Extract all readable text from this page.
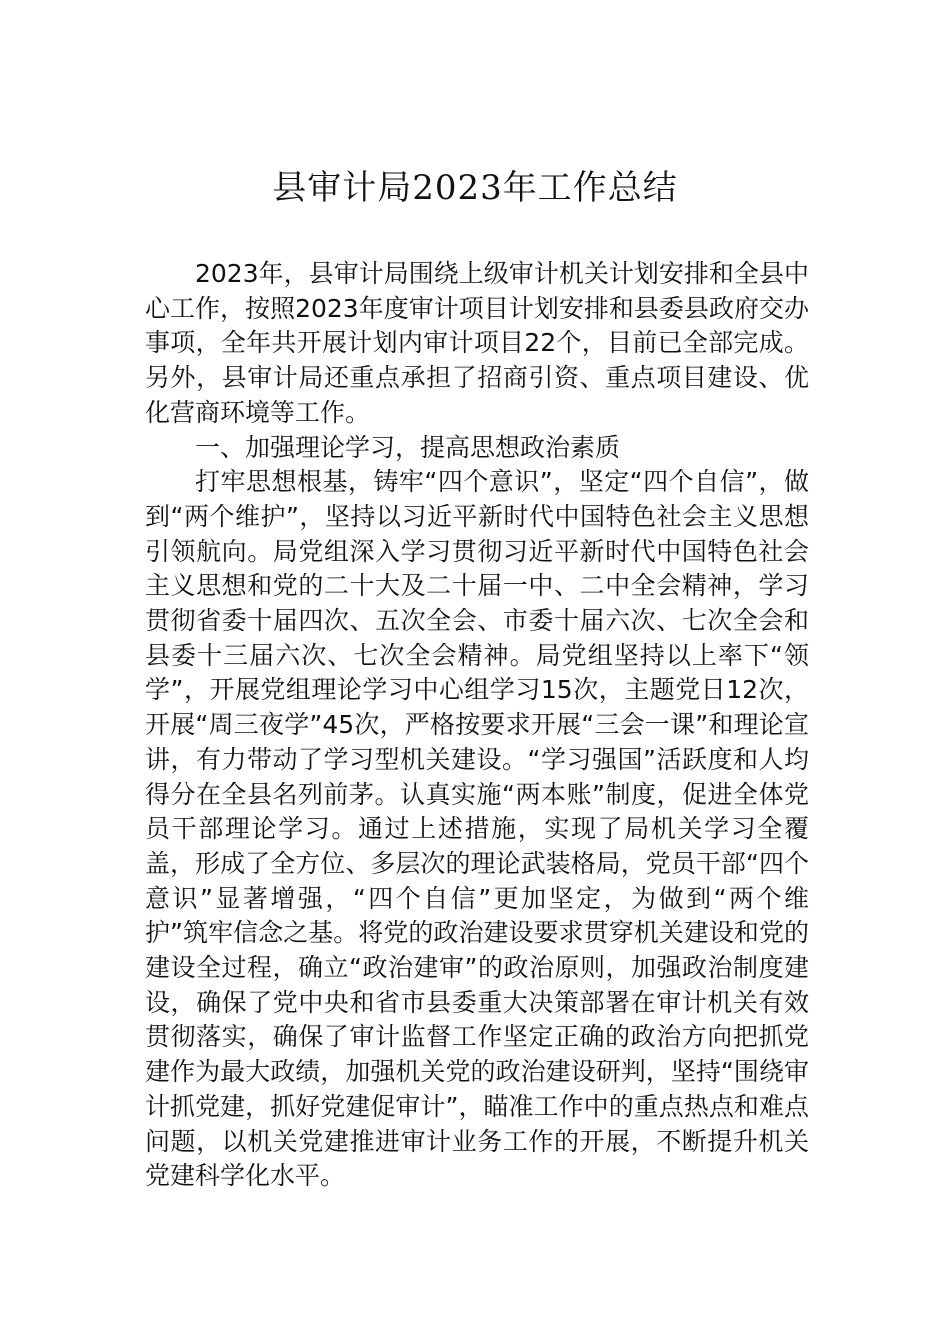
县审计局2023年工作总结

2023年，县审计局围绕上级审计机关计划安排和全县中心工作，按照2023年度审计项目计划安排和县委县政府交办事项，全年共开展计划内审计项目22个，目前已全部完成。另外，县审计局还重点承担了招商引资、重点项目建设、优化营商环境等工作。

一、加强理论学习，提高思想政治素质

打牢思想根基，铸牢“四个意识”，坚定“四个自信”，做到“两个维护”，坚持以习近平新时代中国特色社会主义思想引领航向。局党组深入学习贯彻习近平新时代中国特色社会主义思想和党的二十大及二十届一中、二中全会精神，学习贯彻省委十届四次、五次全会、市委十届六次、七次全会和县委十三届六次、七次全会精神。局党组坚持以上率下“领学”，开展党组理论学习中心组学习15次，主题党日12次，开展“周三夜学”45次，严格按要求开展“三会一课”和理论宣讲，有力带动了学习型机关建设。“学习强国”活跃度和人均得分在全县名列前茅。认真实施“两本账”制度，促进全体党员干部理论学习。通过上述措施，实现了局机关学习全覆盖，形成了全方位、多层次的理论武装格局，党员干部“四个意识”显著增强，“四个自信”更加坚定，为做到“两个维护”筑牢信念之基。将党的政治建设要求贯穿机关建设和党的建设全过程，确立“政治建审”的政治原则，加强政治制度建设，确保了党中央和省市县委重大决策部署在审计机关有效贯彻落实，确保了审计监督工作坚定正确的政治方向把抓党建作为最大政绩，加强机关党的政治建设研判，坚持“围绕审计抓党建，抓好党建促审计”，瞄准工作中的重点热点和难点问题，以机关党建推进审计业务工作的开展，不断提升机关党建科学化水平。
